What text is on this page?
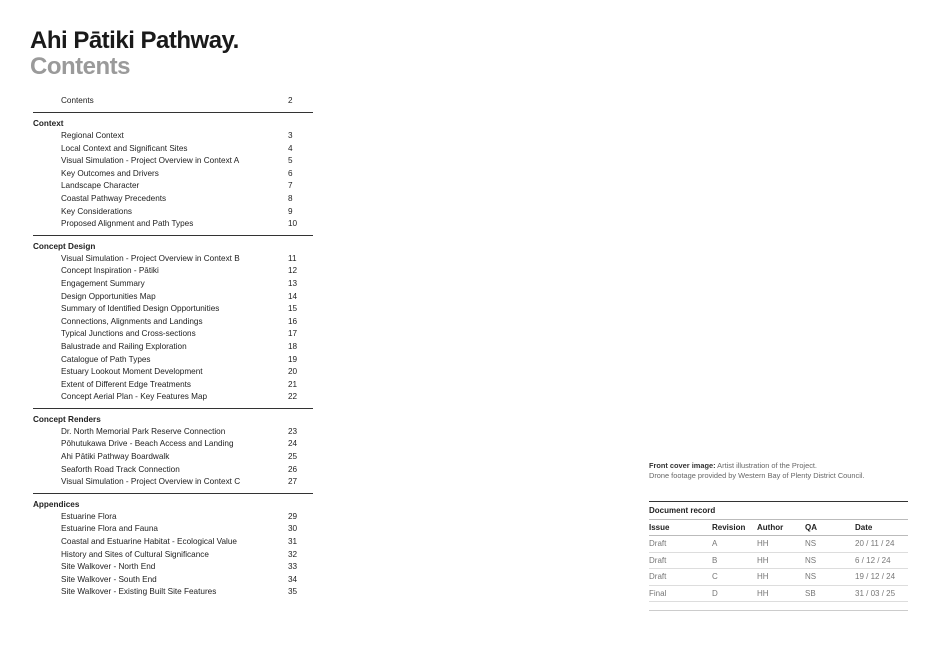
Ahi Pātiki Pathway.
Contents
Contents	2
Context
Regional Context	3
Local Context and Significant Sites	4
Visual Simulation - Project Overview in Context A	5
Key Outcomes and Drivers	6
Landscape Character	7
Coastal Pathway Precedents	8
Key Considerations	9
Proposed Alignment and Path Types	10
Concept Design
Visual Simulation - Project Overview in Context B	11
Concept Inspiration - Pātiki	12
Engagement Summary	13
Design Opportunities Map	14
Summary of Identified Design Opportunities	15
Connections, Alignments and Landings	16
Typical Junctions and Cross-sections	17
Balustrade and Railing Exploration	18
Catalogue of Path Types	19
Estuary Lookout Moment Development	20
Extent of Different Edge Treatments	21
Concept Aerial Plan - Key Features Map	22
Concept Renders
Dr. North Memorial Park Reserve Connection	23
Pōhutukawa Drive - Beach Access and Landing	24
Ahi Pātiki Pathway Boardwalk	25
Seaforth Road Track Connection	26
Visual Simulation - Project Overview in Context C	27
Appendices
Estuarine Flora	29
Estuarine Flora and Fauna	30
Coastal and Estuarine Habitat - Ecological Value	31
History and Sites of Cultural Significance	32
Site Walkover - North End	33
Site Walkover - South End	34
Site Walkover - Existing Built Site Features	35
Front cover image: Artist illustration of the Project.
Drone footage provided by Western Bay of Plenty District Council.
Document record
Issue	Revision	Author	QA	Date
Draft	A	HH	NS	20 / 11 / 24
Draft	B	HH	NS	6 / 12 / 24
Draft	C	HH	NS	19 / 12 / 24
Final	D	HH	SB	31 / 03 / 25
